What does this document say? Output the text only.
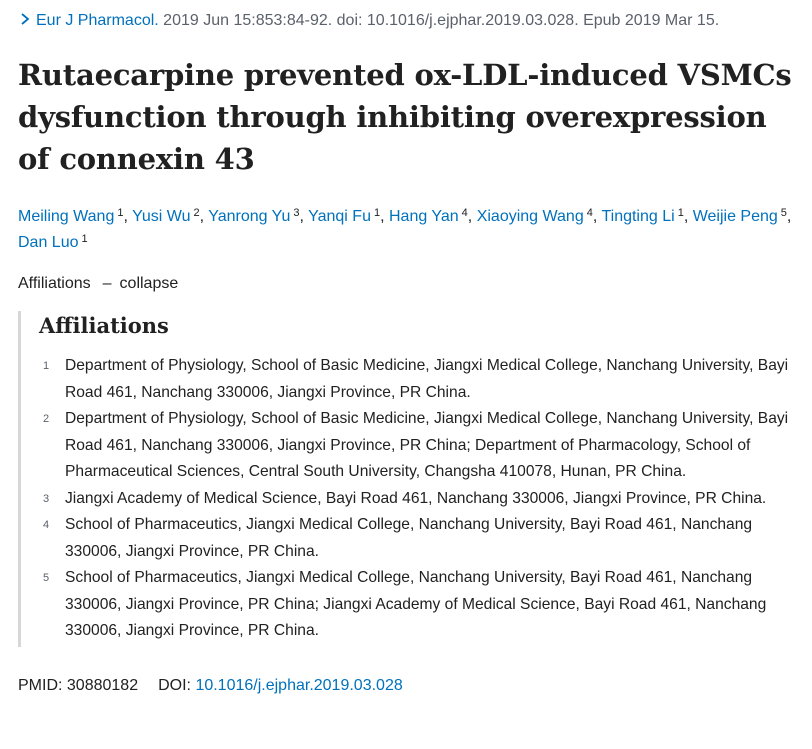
Eur J Pharmacol. 2019 Jun 15:853:84-92. doi: 10.1016/j.ejphar.2019.03.028. Epub 2019 Mar 15.
Rutaecarpine prevented ox-LDL-induced VSMCs dysfunction through inhibiting overexpression of connexin 43
Meiling Wang $^1$, Yusi Wu $^2$, Yanrong Yu $^3$, Yanqi Fu $^1$, Hang Yan $^4$, Xiaoying Wang $^4$, Tingting Li $^1$, Weijie Peng $^5$, Dan Luo $^1$
Affiliations – collapse
Affiliations
1	Department of Physiology, School of Basic Medicine, Jiangxi Medical College, Nanchang University, Bayi Road 461, Nanchang 330006, Jiangxi Province, PR China.
2	Department of Physiology, School of Basic Medicine, Jiangxi Medical College, Nanchang University, Bayi Road 461, Nanchang 330006, Jiangxi Province, PR China; Department of Pharmacology, School of Pharmaceutical Sciences, Central South University, Changsha 410078, Hunan, PR China.
3	Jiangxi Academy of Medical Science, Bayi Road 461, Nanchang 330006, Jiangxi Province, PR China.
4	School of Pharmaceutics, Jiangxi Medical College, Nanchang University, Bayi Road 461, Nanchang 330006, Jiangxi Province, PR China.
5	School of Pharmaceutics, Jiangxi Medical College, Nanchang University, Bayi Road 461, Nanchang 330006, Jiangxi Province, PR China; Jiangxi Academy of Medical Science, Bayi Road 461, Nanchang 330006, Jiangxi Province, PR China.
PMID: 30880182 DOI: 10.1016/j.ejphar.2019.03.028
